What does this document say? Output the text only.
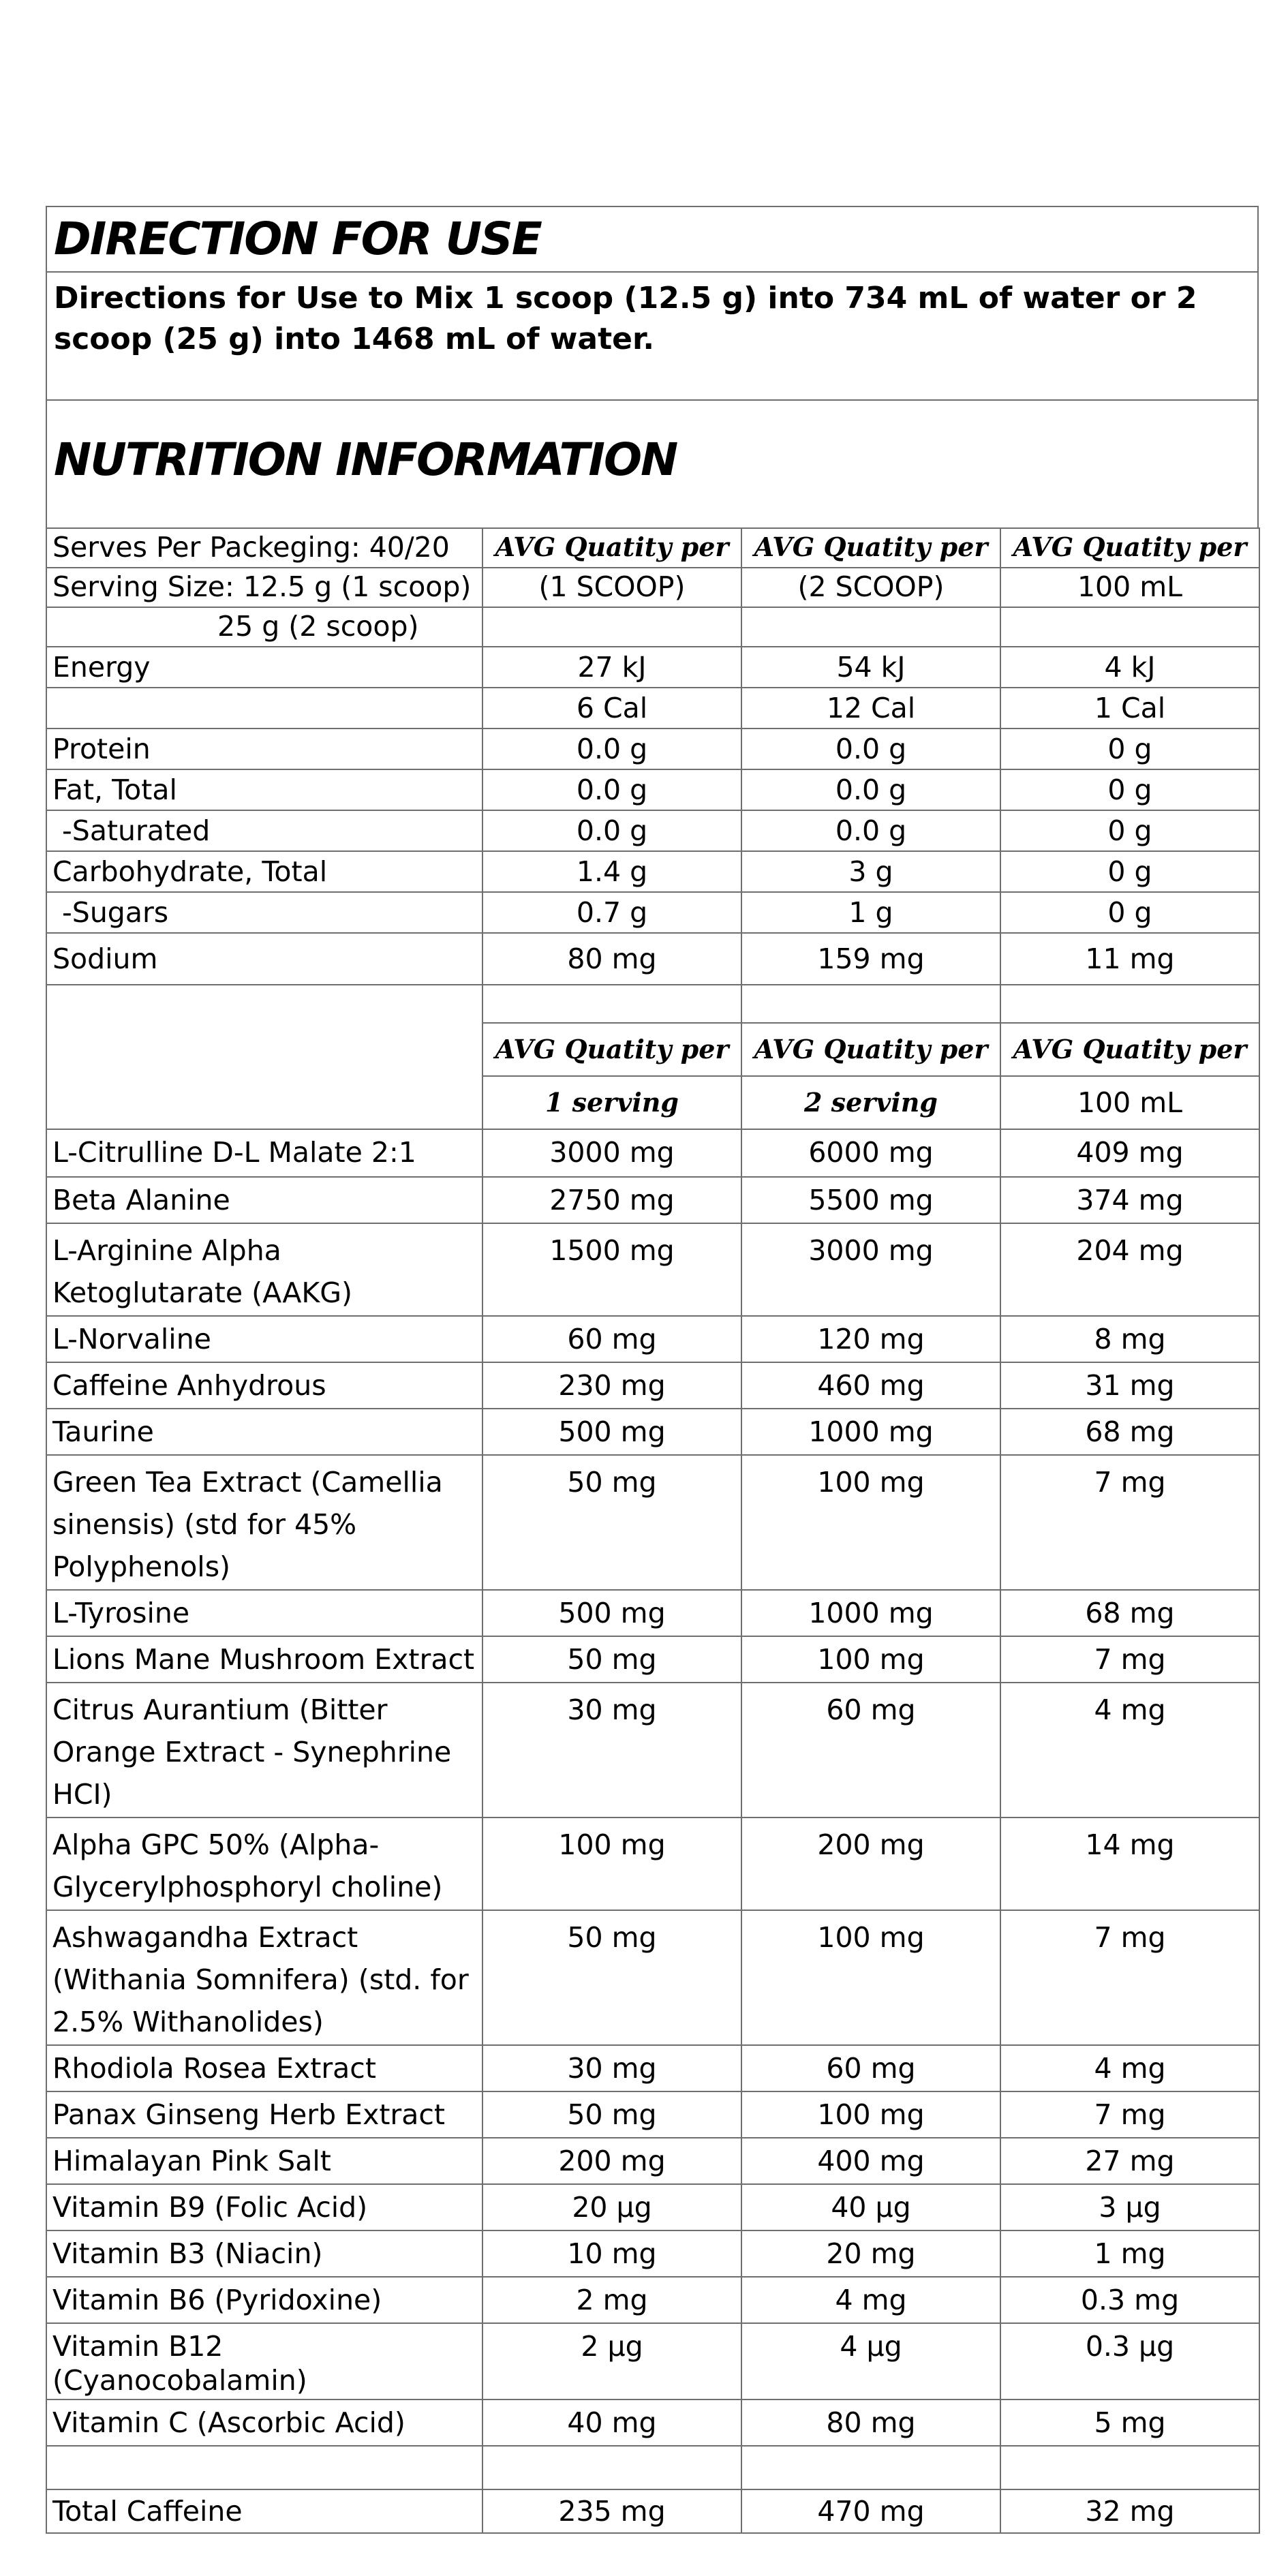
DIRECTION FOR USE
Directions for Use to Mix 1 scoop (12.5 g) into 734 mL of water or 2 scoop (25 g) into 1468 mL of water.
NUTRITION INFORMATION
Serves Per Packeging: 40/20	AVG Quatity per	AVG Quatity per	AVG Quatity per
Serving Size: 12.5 g (1 scoop)	(1 SCOOP)	(2 SCOOP)	100 mL
25 g (2 scoop)			
Energy	27 kJ	54 kJ	4 kJ
	6 Cal	12 Cal	1 Cal
Protein	0.0 g	0.0 g	0 g
Fat, Total	0.0 g	0.0 g	0 g
-Saturated	0.0 g	0.0 g	0 g
Carbohydrate, Total	1.4 g	3 g	0 g
-Sugars	0.7 g	1 g	0 g
Sodium	80 mg	159 mg	11 mg

	AVG Quatity per	AVG Quatity per	AVG Quatity per
	1 serving	2 serving	100 mL
L-Citrulline D-L Malate 2:1	3000 mg	6000 mg	409 mg
Beta Alanine	2750 mg	5500 mg	374 mg
L-Arginine Alpha Ketoglutarate (AAKG)	1500 mg	3000 mg	204 mg
L-Norvaline	60 mg	120 mg	8 mg
Caffeine Anhydrous	230 mg	460 mg	31 mg
Taurine	500 mg	1000 mg	68 mg
Green Tea Extract (Camellia sinensis) (std for 45% Polyphenols)	50 mg	100 mg	7 mg
L-Tyrosine	500 mg	1000 mg	68 mg
Lions Mane Mushroom Extract	50 mg	100 mg	7 mg
Citrus Aurantium (Bitter Orange Extract - Synephrine HCI)	30 mg	60 mg	4 mg
Alpha GPC 50% (Alpha-Glycerylphosphoryl choline)	100 mg	200 mg	14 mg
Ashwagandha Extract (Withania Somnifera) (std. for 2.5% Withanolides)	50 mg	100 mg	7 mg
Rhodiola Rosea Extract	30 mg	60 mg	4 mg
Panax Ginseng Herb Extract	50 mg	100 mg	7 mg
Himalayan Pink Salt	200 mg	400 mg	27 mg
Vitamin B9 (Folic Acid)	20 µg	40 µg	3 µg
Vitamin B3 (Niacin)	10 mg	20 mg	1 mg
Vitamin B6 (Pyridoxine)	2 mg	4 mg	0.3 mg
Vitamin B12 (Cyanocobalamin)	2 µg	4 µg	0.3 µg
Vitamin C (Ascorbic Acid)	40 mg	80 mg	5 mg

Total Caffeine	235 mg	470 mg	32 mg
